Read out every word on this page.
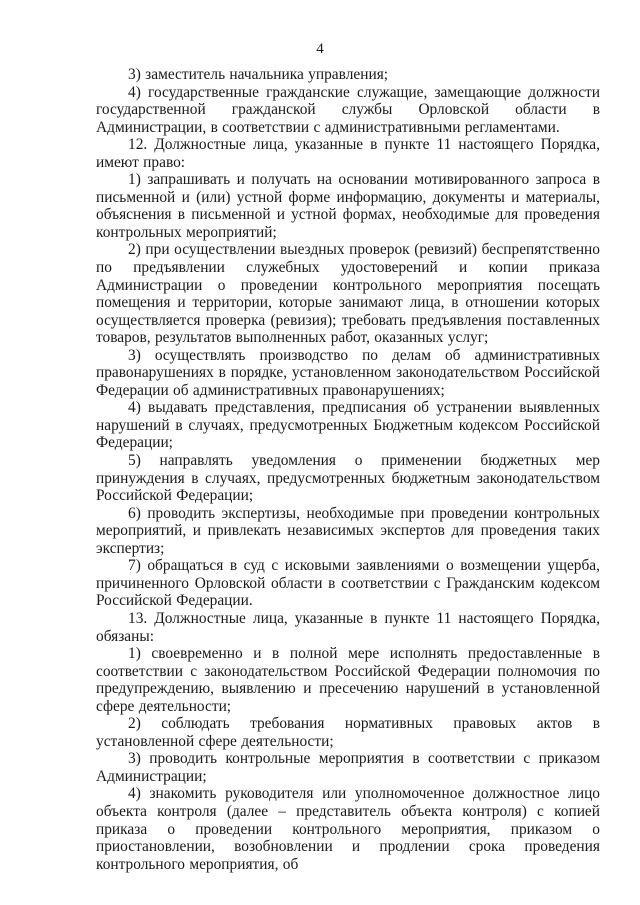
4

3) заместитель начальника управления;

4) государственные гражданские служащие, замещающие должности государственной гражданской службы Орловской области в Администрации, в соответствии с административными регламентами.

12. Должностные лица, указанные в пункте 11 настоящего Порядка, имеют право:

1) запрашивать и получать на основании мотивированного запроса в письменной и (или) устной форме информацию, документы и материалы, объяснения в письменной и устной формах, необходимые для проведения контрольных мероприятий;

2) при осуществлении выездных проверок (ревизий) беспрепятственно по предъявлении служебных удостоверений и копии приказа Администрации о проведении контрольного мероприятия посещать помещения и территории, которые занимают лица, в отношении которых осуществляется проверка (ревизия); требовать предъявления поставленных товаров, результатов выполненных работ, оказанных услуг;

3) осуществлять производство по делам об административных правонарушениях в порядке, установленном законодательством Российской Федерации об административных правонарушениях;

4) выдавать представления, предписания об устранении выявленных нарушений в случаях, предусмотренных Бюджетным кодексом Российской Федерации;

5) направлять уведомления о применении бюджетных мер принуждения в случаях, предусмотренных бюджетным законодательством Российской Федерации;

6) проводить экспертизы, необходимые при проведении контрольных мероприятий, и привлекать независимых экспертов для проведения таких экспертиз;

7) обращаться в суд с исковыми заявлениями о возмещении ущерба, причиненного Орловской области в соответствии с Гражданским кодексом Российской Федерации.

13. Должностные лица, указанные в пункте 11 настоящего Порядка, обязаны:

1) своевременно и в полной мере исполнять предоставленные в соответствии с законодательством Российской Федерации полномочия по предупреждению, выявлению и пресечению нарушений в установленной сфере деятельности;

2) соблюдать требования нормативных правовых актов в установленной сфере деятельности;

3) проводить контрольные мероприятия в соответствии с приказом Администрации;

4) знакомить руководителя или уполномоченное должностное лицо объекта контроля (далее – представитель объекта контроля) с копией приказа о проведении контрольного мероприятия, приказом о приостановлении, возобновлении и продлении срока проведения контрольного мероприятия, об
